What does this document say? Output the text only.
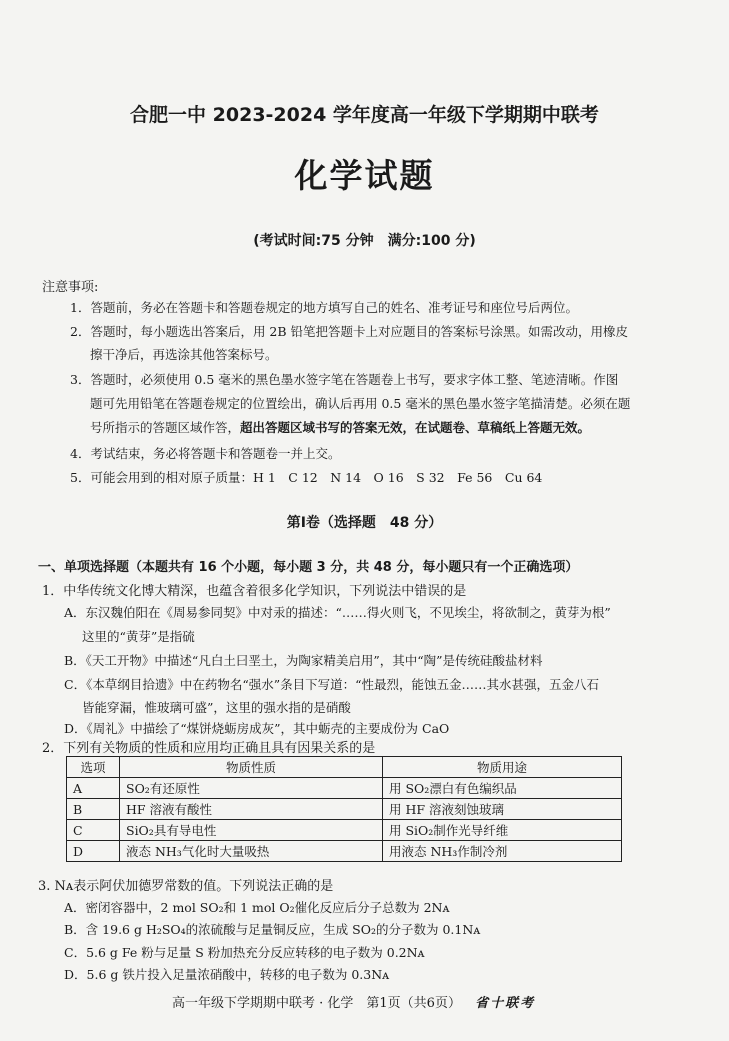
合肥一中 2023-2024 学年度高一年级下学期期中联考
化学试题
(考试时间:75 分钟　满分:100 分)
注意事项:
1．答题前，务必在答题卡和答题卷规定的地方填写自己的姓名、准考证号和座位号后两位。
2．答题时，每小题选出答案后，用 2B 铅笔把答题卡上对应题目的答案标号涂黑。如需改动，用橡皮
擦干净后，再选涂其他答案标号。
3．答题时，必须使用 0.5 毫米的黑色墨水签字笔在答题卷上书写，要求字体工整、笔迹清晰。作图
题可先用铅笔在答题卷规定的位置绘出，确认后再用 0.5 毫米的黑色墨水签字笔描清楚。必须在题
号所指示的答题区域作答，超出答题区域书写的答案无效，在试题卷、草稿纸上答题无效。
4．考试结束，务必将答题卡和答题卷一并上交。
5．可能会用到的相对原子质量：H 1　C 12　N 14　O 16　S 32　Fe 56　Cu 64
第Ⅰ卷（选择题　48 分）
一、单项选择题（本题共有 16 个小题，每小题 3 分，共 48 分，每小题只有一个正确选项）
1．中华传统文化博大精深，也蕴含着很多化学知识，下列说法中错误的是
A．东汉魏伯阳在《周易参同契》中对汞的描述：“……得火则飞，不见埃尘，将欲制之，黄芽为根”
这里的“黄芽”是指硫
B．《天工开物》中描述“凡白土曰垩土，为陶家精美启用”，其中“陶”是传统硅酸盐材料
C．《本草纲目拾遗》中在药物名“强水”条目下写道：“性最烈，能蚀五金……其水甚强，五金八石
皆能穿漏，惟玻璃可盛”，这里的强水指的是硝酸
D．《周礼》中描绘了“煤饼烧蛎房成灰”，其中蛎壳的主要成份为 CaO
2．下列有关物质的性质和应用均正确且具有因果关系的是
选项	物质性质	物质用途
A	SO₂有还原性	用 SO₂漂白有色编织品
B	HF 溶液有酸性	用 HF 溶液刻蚀玻璃
C	SiO₂具有导电性	用 SiO₂制作光导纤维
D	液态 NH₃气化时大量吸热	用液态 NH₃作制冷剂
3. Nᴀ表示阿伏加德罗常数的值。下列说法正确的是
A．密闭容器中，2 mol SO₂和 1 mol O₂催化反应后分子总数为 2Nᴀ
B．含 19.6 g H₂SO₄的浓硫酸与足量铜反应，生成 SO₂的分子数为 0.1Nᴀ
C．5.6 g Fe 粉与足量 S 粉加热充分反应转移的电子数为 0.2Nᴀ
D．5.6 g 铁片投入足量浓硝酸中，转移的电子数为 0.3Nᴀ
高一年级下学期期中联考 · 化学　第1页（共6页） 省十联考
